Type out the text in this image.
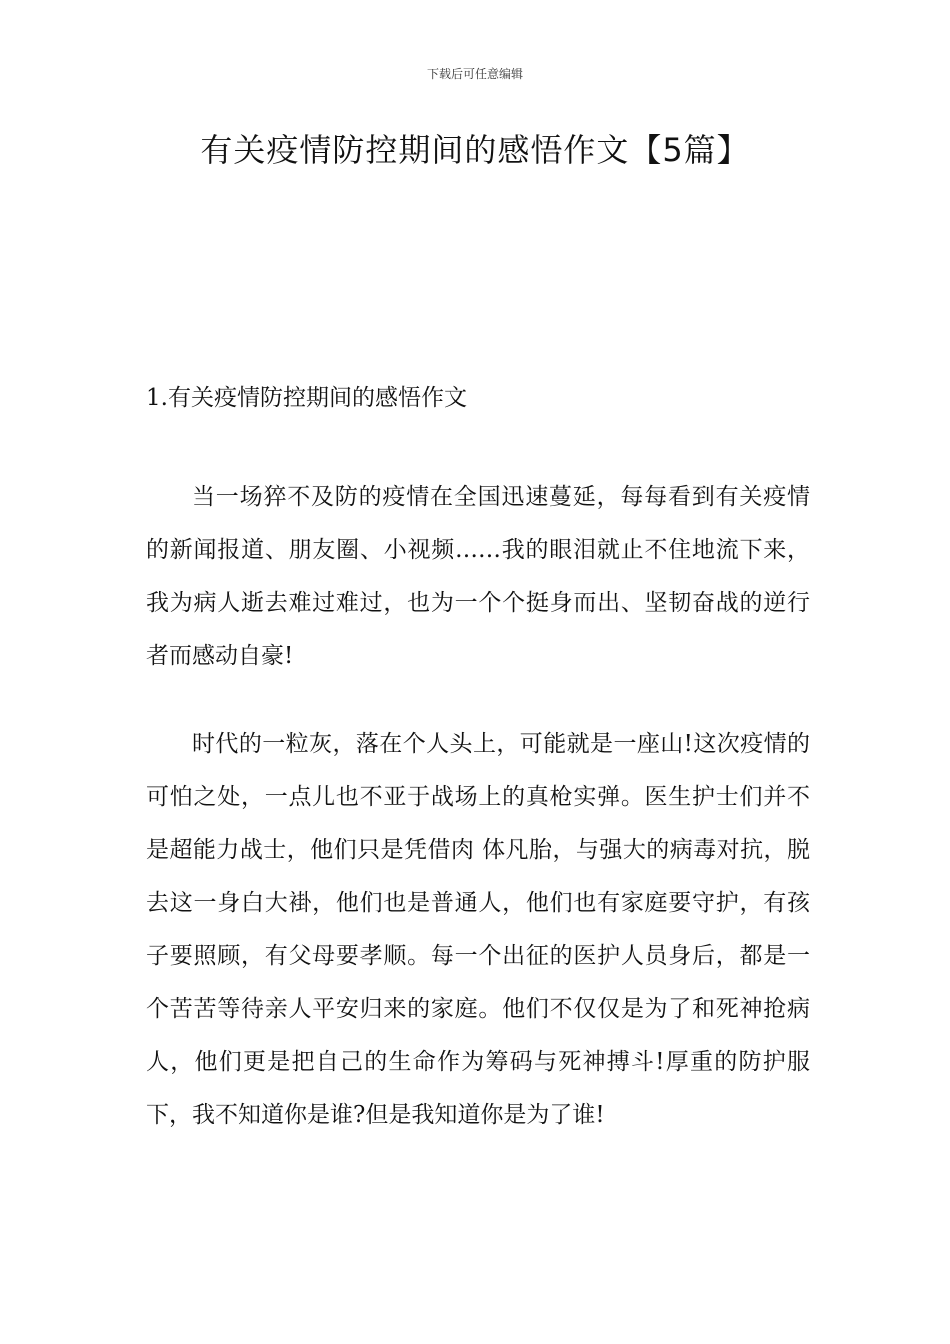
下载后可任意编辑
有关疫情防控期间的感悟作文【5篇】
1.有关疫情防控期间的感悟作文

当一场猝不及防的疫情在全国迅速蔓延，每每看到有关疫情的新闻报道、朋友圈、小视频……我的眼泪就止不住地流下来，我为病人逝去难过难过，也为一个个挺身而出、坚韧奋战的逆行者而感动自豪!

时代的一粒灰，落在个人头上，可能就是一座山!这次疫情的可怕之处，一点儿也不亚于战场上的真枪实弹。医生护士们并不是超能力战士，他们只是凭借肉 体凡胎，与强大的病毒对抗，脱去这一身白大褂，他们也是普通人，他们也有家庭要守护，有孩子要照顾，有父母要孝顺。每一个出征的医护人员身后，都是一个苦苦等待亲人平安归来的家庭。他们不仅仅是为了和死神抢病人，他们更是把自己的生命作为筹码与死神搏斗!厚重的防护服下，我不知道你是谁?但是我知道你是为了谁!
